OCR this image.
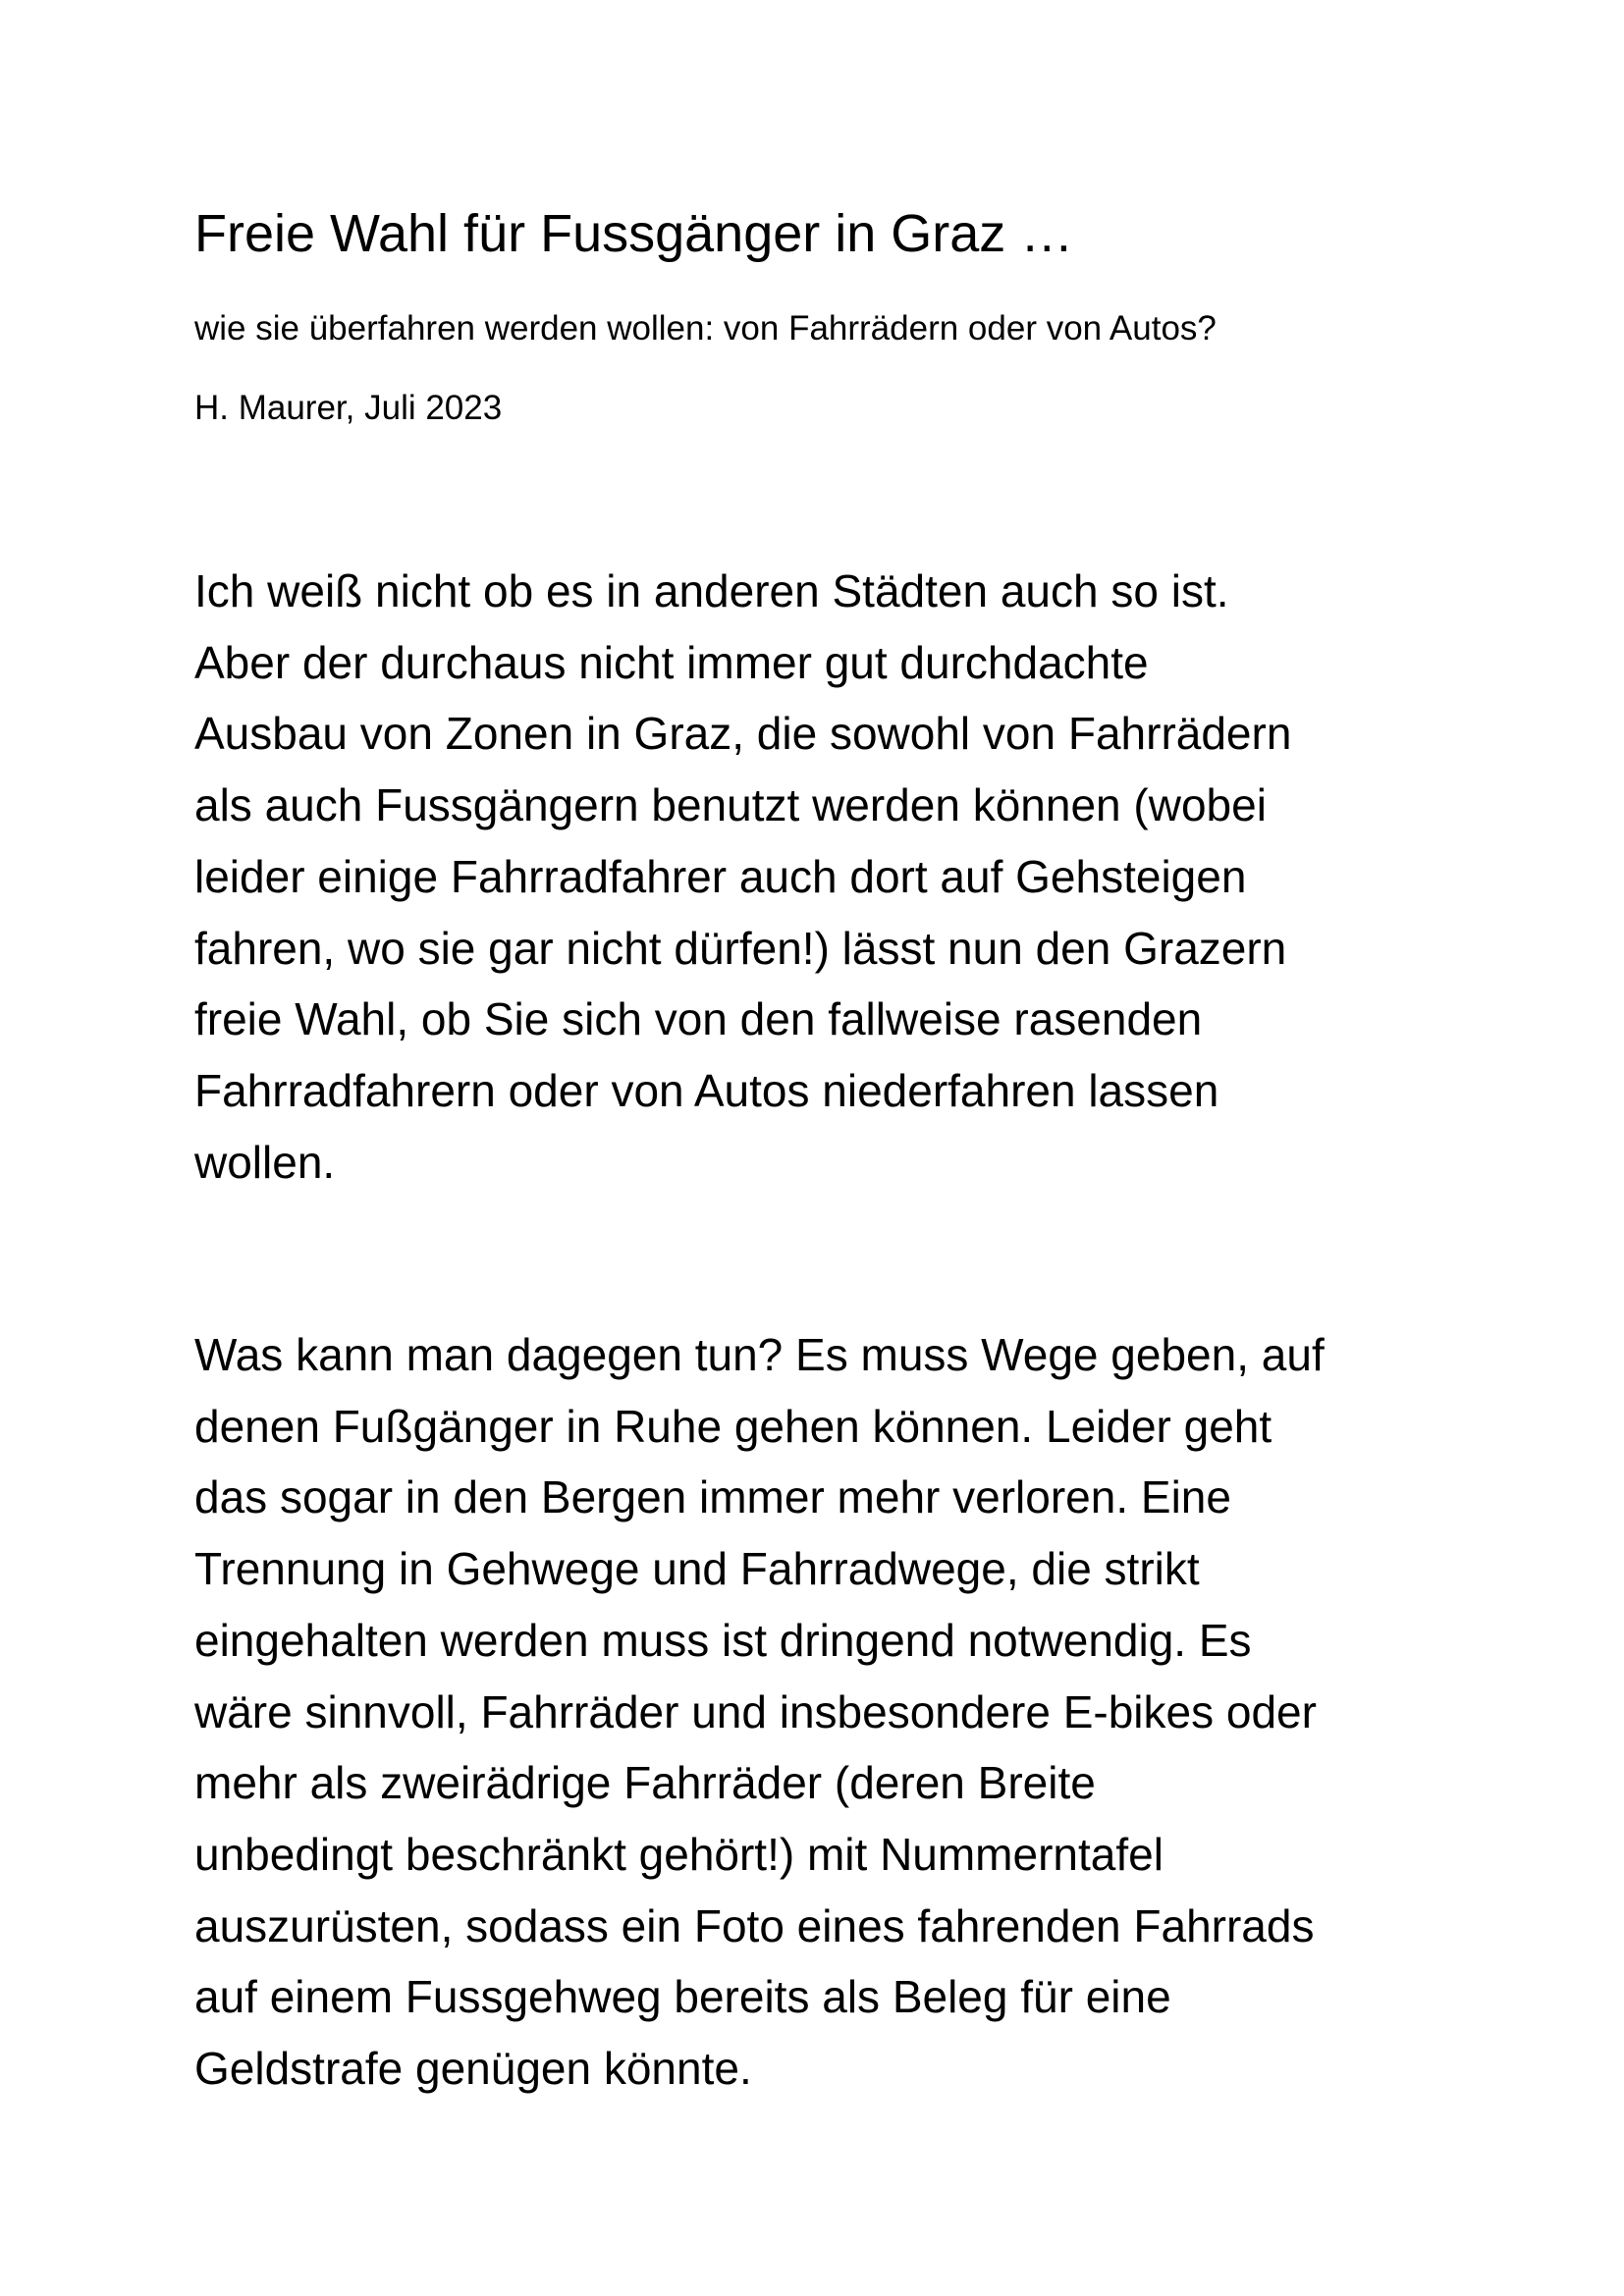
Freie Wahl für Fussgänger in Graz …

wie sie überfahren werden wollen: von Fahrrädern oder von Autos?

H. Maurer, Juli 2023

Ich weiß nicht ob es in anderen Städten auch so ist.
Aber der durchaus nicht immer gut durchdachte
Ausbau von Zonen in Graz, die sowohl von Fahrrädern
als auch Fussgängern benutzt werden können (wobei
leider einige Fahrradfahrer auch dort auf Gehsteigen
fahren, wo sie gar nicht dürfen!) lässt nun den Grazern
freie Wahl, ob Sie sich von den fallweise rasenden
Fahrradfahrern oder von Autos niederfahren lassen
wollen.
Was kann man dagegen tun? Es muss Wege geben, auf
denen Fußgänger in Ruhe gehen können. Leider geht
das sogar in den Bergen immer mehr verloren. Eine
Trennung in Gehwege und Fahrradwege, die strikt
eingehalten werden muss ist dringend notwendig. Es
wäre sinnvoll, Fahrräder und insbesondere E-bikes oder
mehr als zweirädrige Fahrräder (deren Breite
unbedingt beschränkt gehört!) mit Nummerntafel
auszurüsten, sodass ein Foto eines fahrenden Fahrrads
auf einem Fussgehweg bereits als Beleg für eine
Geldstrafe genügen könnte.
